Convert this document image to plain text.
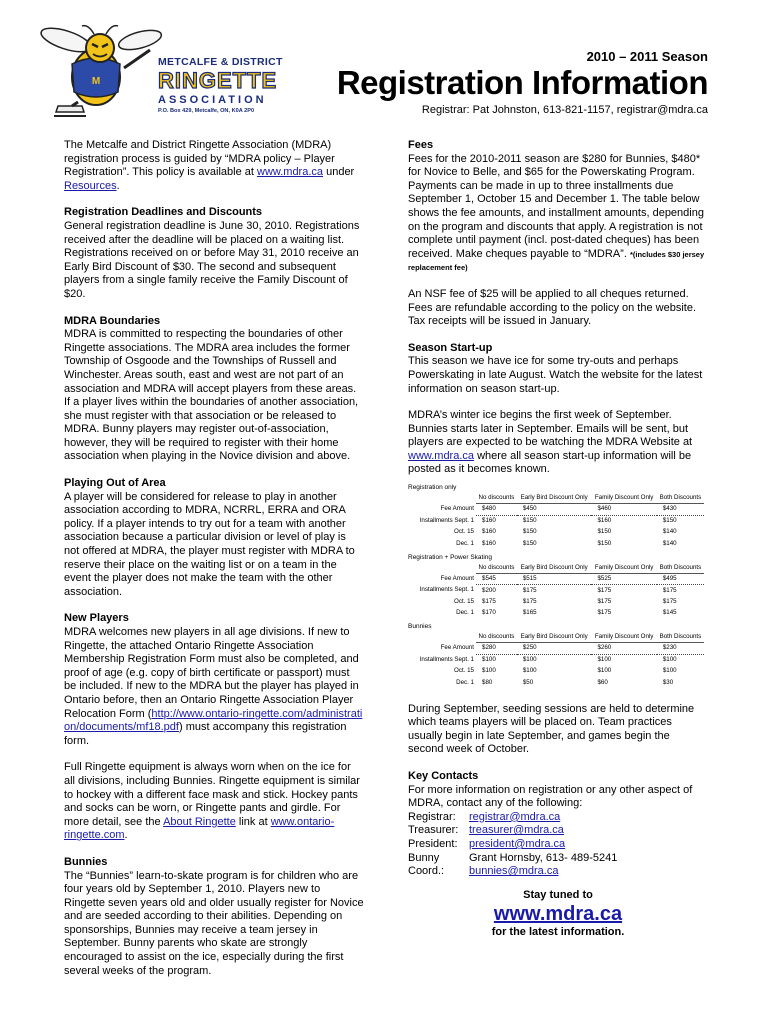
M
METCALFE & DISTRICT
RINGETTE
ASSOCIATION
P.O. Box 429, Metcalfe, ON, K0A 2P0
2010 – 2011 Season
Registration Information
Registrar: Pat Johnston, 613-821-1157, registrar@mdra.ca

The Metcalfe and District Ringette Association (MDRA) registration process is guided by “MDRA policy – Player Registration”. This policy is available at www.mdra.ca under Resources.

Registration Deadlines and Discounts

General registration deadline is June 30, 2010. Registrations received after the deadline will be placed on a waiting list. Registrations received on or before May 31, 2010 receive an Early Bird Discount of $30. The second and subsequent players from a single family receive the Family Discount of $20.

MDRA Boundaries

MDRA is committed to respecting the boundaries of other Ringette associations. The MDRA area includes the former Township of Osgoode and the Townships of Russell and Winchester. Areas south, east and west are not part of an association and MDRA will accept players from these areas. If a player lives within the boundaries of another association, she must register with that association or be released to MDRA. Bunny players may register out-of-association, however, they will be required to register with their home association when playing in the Novice division and above.

Playing Out of Area

A player will be considered for release to play in another association according to MDRA, NCRRL, ERRA and ORA policy. If a player intends to try out for a team with another association because a particular division or level of play is not offered at MDRA, the player must register with MDRA to reserve their place on the waiting list or on a team in the event the player does not make the team with the other association.

New Players

MDRA welcomes new players in all age divisions. If new to Ringette, the attached Ontario Ringette Association Membership Registration Form must also be completed, and proof of age (e.g. copy of birth certificate or passport) must be included. If new to the MDRA but the player has played in Ontario before, then an Ontario Ringette Association Player Relocation Form (http://www.ontario-ringette.com/administration/documents/mf18.pdf) must accompany this registration form.

Full Ringette equipment is always worn when on the ice for all divisions, including Bunnies. Ringette equipment is similar to hockey with a different face mask and stick. Hockey pants and socks can be worn, or Ringette pants and girdle. For more detail, see the About Ringette link at www.ontario-ringette.com.

Bunnies

The “Bunnies” learn-to-skate program is for children who are four years old by September 1, 2010. Players new to Ringette seven years old and older usually register for Novice and are seeded according to their abilities. Depending on sponsorships, Bunnies may receive a team jersey in September. Bunny parents who skate are strongly encouraged to assist on the ice, especially during the first several weeks of the program.

Fees

Fees for the 2010-2011 season are $280 for Bunnies, $480* for Novice to Belle, and $65 for the Powerskating Program. Payments can be made in up to three installments due September 1, October 15 and December 1. The table below shows the fee amounts, and installment amounts, depending on the program and discounts that apply. A registration is not complete until payment (incl. post-dated cheques) has been received. Make cheques payable to “MDRA”. *(includes $30 jersey replacement fee)

An NSF fee of $25 will be applied to all cheques returned. Fees are refundable according to the policy on the website. Tax receipts will be issued in January.

Season Start-up

This season we have ice for some try-outs and perhaps Powerskating in late August. Watch the website for the latest information on season start-up.

MDRA’s winter ice begins the first week of September. Bunnies starts later in September. Emails will be sent, but players are expected to be watching the MDRA Website at www.mdra.ca where all season start-up information will be posted as it becomes known.

Registration only
	No discounts	Early Bird Discount Only	Family Discount Only	Both Discounts
Fee Amount	$480	$450	$460	$430
Installments Sept. 1	$160	$150	$160	$150
Oct. 15	$160	$150	$150	$140
Dec. 1	$160	$150	$150	$140
Registration + Power Skating
	No discounts	Early Bird Discount Only	Family Discount Only	Both Discounts
Fee Amount	$545	$515	$525	$495
Installments Sept. 1	$200	$175	$175	$175
Oct. 15	$175	$175	$175	$175
Dec. 1	$170	$165	$175	$145
Bunnies
	No discounts	Early Bird Discount Only	Family Discount Only	Both Discounts
Fee Amount	$280	$250	$260	$230
Installments Sept. 1	$100	$100	$100	$100
Oct. 15	$100	$100	$100	$100
Dec. 1	$80	$50	$60	$30

During September, seeding sessions are held to determine which teams players will be placed on. Team practices usually begin in late September, and games begin the second week of October.

Key Contacts
For more information on registration or any other aspect of MDRA, contact any of the following:
Registrar:	registrar@mdra.ca
Treasurer: treasurer@mdra.ca
President:	president@mdra.ca
Bunny	Grant Hornsby, 613- 489-5241
Coord.:	bunnies@mdra.ca
Stay tuned to
www.mdra.ca
for the latest information.
